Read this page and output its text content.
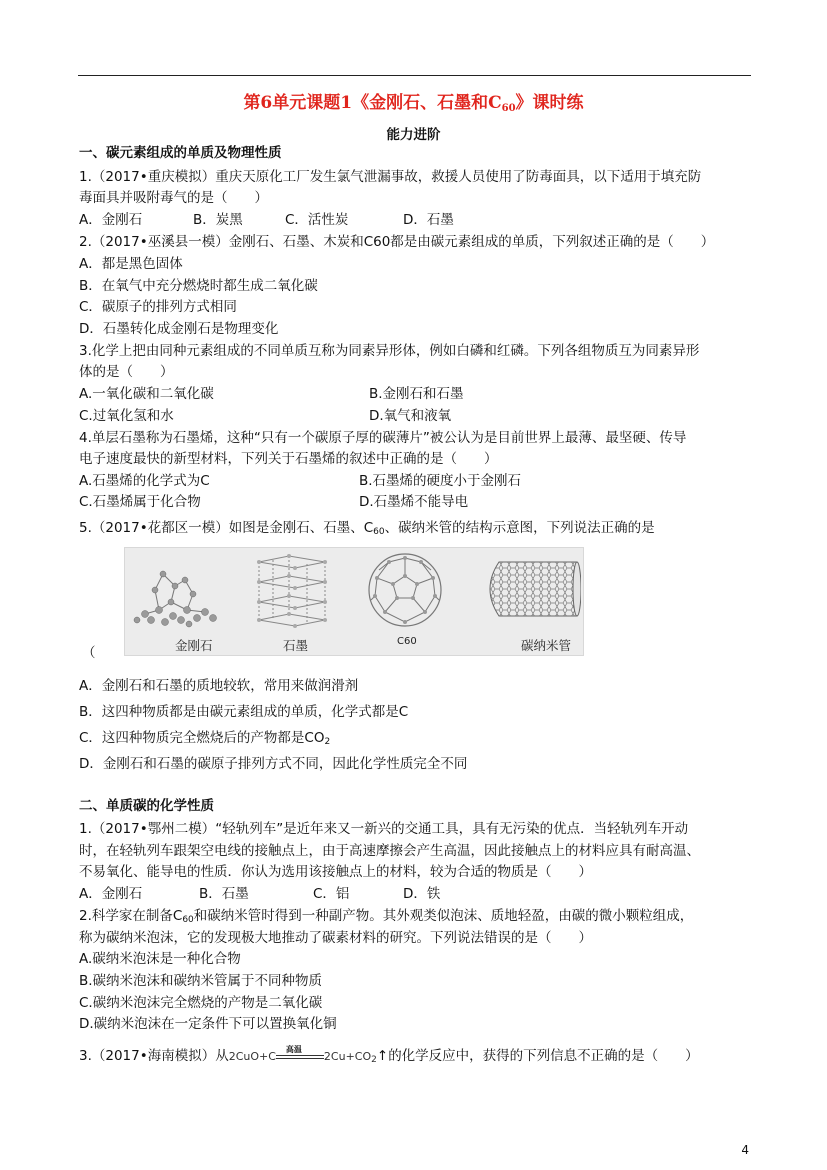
第6单元课题1《金刚石、石墨和$C_{60}$》课时练
能力进阶
一、碳元素组成的单质及物理性质
1.（2017•重庆模拟）重庆天原化工厂发生氯气泄漏事故，救援人员使用了防毒面具，以下适用于填充防
毒面具并吸附毒气的是（　　）
A．金刚石	B．炭黑	C．活性炭	D．石墨
2.（2017•巫溪县一模）金刚石、石墨、木炭和C60都是由碳元素组成的单质，下列叙述正确的是（　　）
A．都是黑色固体
B．在氧气中充分燃烧时都生成二氧化碳
C．碳原子的排列方式相同
D．石墨转化成金刚石是物理变化
3.化学上把由同种元素组成的不同单质互称为同素异形体，例如白磷和红磷。下列各组物质互为同素异形
体的是（　　）
A.一氧化碳和二氧化碳	B.金刚石和石墨
C.过氧化氢和水	D.氧气和液氧
4.单层石墨称为石墨烯，这种“只有一个碳原子厚的碳薄片”被公认为是目前世界上最薄、最坚硬、传导
电子速度最快的新型材料，下列关于石墨烯的叙述中正确的是（　　）
A.石墨烯的化学式为C	B.石墨烯的硬度小于金刚石
C.石墨烯属于化合物	D.石墨烯不能导电
5.（2017•花都区一模）如图是金刚石、石墨、$C_{60}$、碳纳米管的结构示意图，下列说法正确的是
金刚石	石墨	C60	碳纳米管
（
A．金刚石和石墨的质地较软，常用来做润滑剂
B．这四种物质都是由碳元素组成的单质，化学式都是C
C．这四种物质完全燃烧后的产物都是$CO_2$
D．金刚石和石墨的碳原子排列方式不同，因此化学性质完全不同
二、单质碳的化学性质
1.（2017•鄂州二模）“轻轨列车”是近年来又一新兴的交通工具，具有无污染的优点．当轻轨列车开动
时，在轻轨列车跟架空电线的接触点上，由于高速摩擦会产生高温，因此接触点上的材料应具有耐高温、
不易氧化、能导电的性质．你认为选用该接触点上的材料，较为合适的物质是（　　）
A．金刚石	B．石墨	C．铝	D．铁
2.科学家在制备$C_{60}$和碳纳米管时得到一种副产物。其外观类似泡沫、质地轻盈，由碳的微小颗粒组成，
称为碳纳米泡沫，它的发现极大地推动了碳素材料的研究。下列说法错误的是（　　）
A.碳纳米泡沫是一种化合物
B.碳纳米泡沫和碳纳米管属于不同种物质
C.碳纳米泡沫完全燃烧的产物是二氧化碳
D.碳纳米泡沫在一定条件下可以置换氧化铜
3.（2017•海南模拟）从2CuO+C
高温
$2Cu+CO_2↑$的化学反应中，获得的下列信息不正确的是（　　）
4
